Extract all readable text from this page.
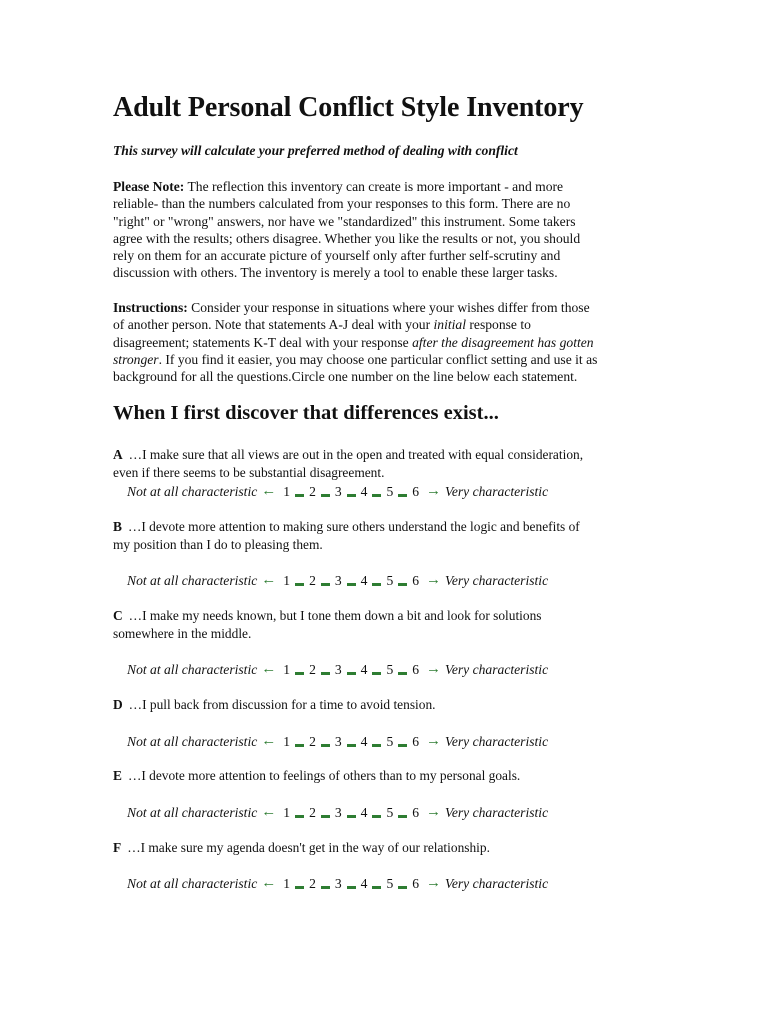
Adult Personal Conflict Style Inventory
This survey will calculate your preferred method of dealing with conflict
Please Note: The reflection this inventory can create is more important - and more
reliable- than the numbers calculated from your responses to this form. There are no
"right" or "wrong" answers, nor have we "standardized" this instrument. Some takers
agree with the results; others disagree. Whether you like the results or not, you should
rely on them for an accurate picture of yourself only after further self-scrutiny and
discussion with others. The inventory is merely a tool to enable these larger tasks.
Instructions: Consider your response in situations where your wishes differ from those
of another person. Note that statements A-J deal with your initial response to
disagreement; statements K-T deal with your response after the disagreement has gotten
stronger. If you find it easier, you may choose one particular conflict setting and use it as
background for all the questions.Circle one number on the line below each statement.
When I first discover that differences exist...
A …I make sure that all views are out in the open and treated with equal consideration,
even if there seems to be substantial disagreement.
Not at all characteristic ← 1 2 3 4 5 6 → Very characteristic
B …I devote more attention to making sure others understand the logic and benefits of
my position than I do to pleasing them.
Not at all characteristic ← 1 2 3 4 5 6 → Very characteristic
C …I make my needs known, but I tone them down a bit and look for solutions
somewhere in the middle.
Not at all characteristic ← 1 2 3 4 5 6 → Very characteristic
D …I pull back from discussion for a time to avoid tension.
Not at all characteristic ← 1 2 3 4 5 6 → Very characteristic
E …I devote more attention to feelings of others than to my personal goals.
Not at all characteristic ← 1 2 3 4 5 6 → Very characteristic
F …I make sure my agenda doesn't get in the way of our relationship.
Not at all characteristic ← 1 2 3 4 5 6 → Very characteristic
